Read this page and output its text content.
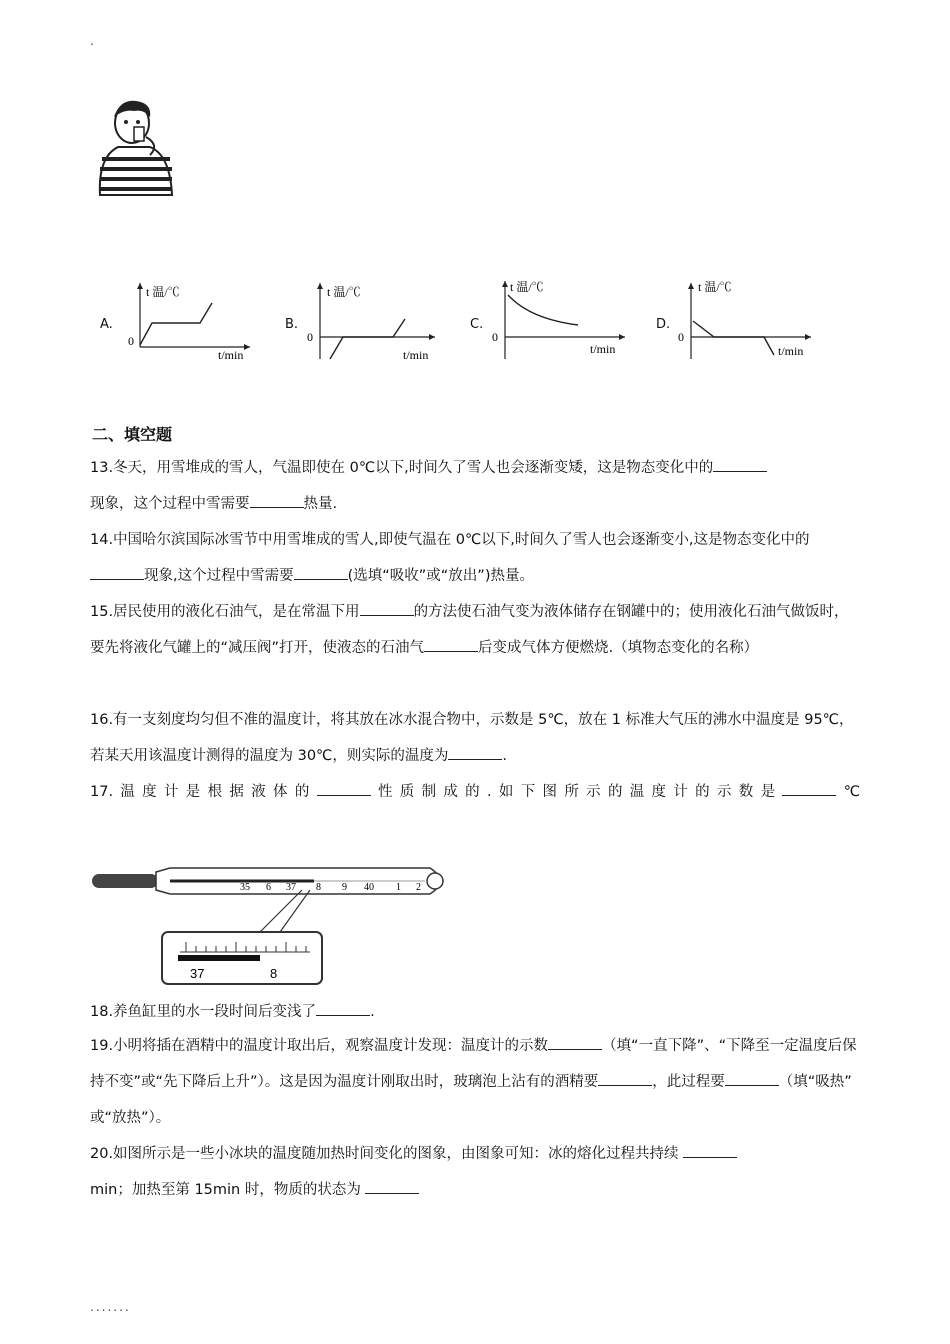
.
A.
t 温/℃
0
t/min
B.
t 温/℃
0
t/min
C.
t 温/℃
0
t/min
D.
t 温/℃
0
t/min
二、填空题
13.冬天，用雪堆成的雪人，气温即使在 0℃以下,时间久了雪人也会逐渐变矮，这是物态变化中的
现象，这个过程中雪需要	热量.
14.中国哈尔滨国际冰雪节中用雪堆成的雪人,即使气温在 0℃以下,时间久了雪人也会逐渐变小,这是物态变化中的现象,这个过程中雪需要	(选填“吸收”或“放出”)热量。
15.居民使用的液化石油气，是在常温下用	的方法使石油气变为液体储存在钢罐中的；使用液化石油气做饭时，要先将液化气罐上的“减压阀”打开，使液态的石油气	后变成气体方便燃烧.（填物态变化的名称）
16.有一支刻度均匀但不准的温度计，将其放在冰水混合物中，示数是 5℃，放在 1 标准大气压的沸水中温度是 95℃，若某天用该温度计测得的温度为 30℃，则实际的温度为	.
17.温度计是根据液体的	性质制成的.如下图所示的温度计的示数是	℃
35 6 37 8 9 40 1 2
37	8
18.养鱼缸里的水一段时间后变浅了	.
19.小明将插在酒精中的温度计取出后，观察温度计发现：温度计的示数	（填“一直下降”、“下降至一定温度后保持不变”或“先下降后上升”）。这是因为温度计刚取出时，玻璃泡上沾有的酒精要	，此过程要	（填“吸热” 或“放热”）。
20.如图所示是一些小冰块的温度随加热时间变化的图象，由图象可知：冰的熔化过程共持续
min；加热至第 15min 时，物质的状态为
.......
